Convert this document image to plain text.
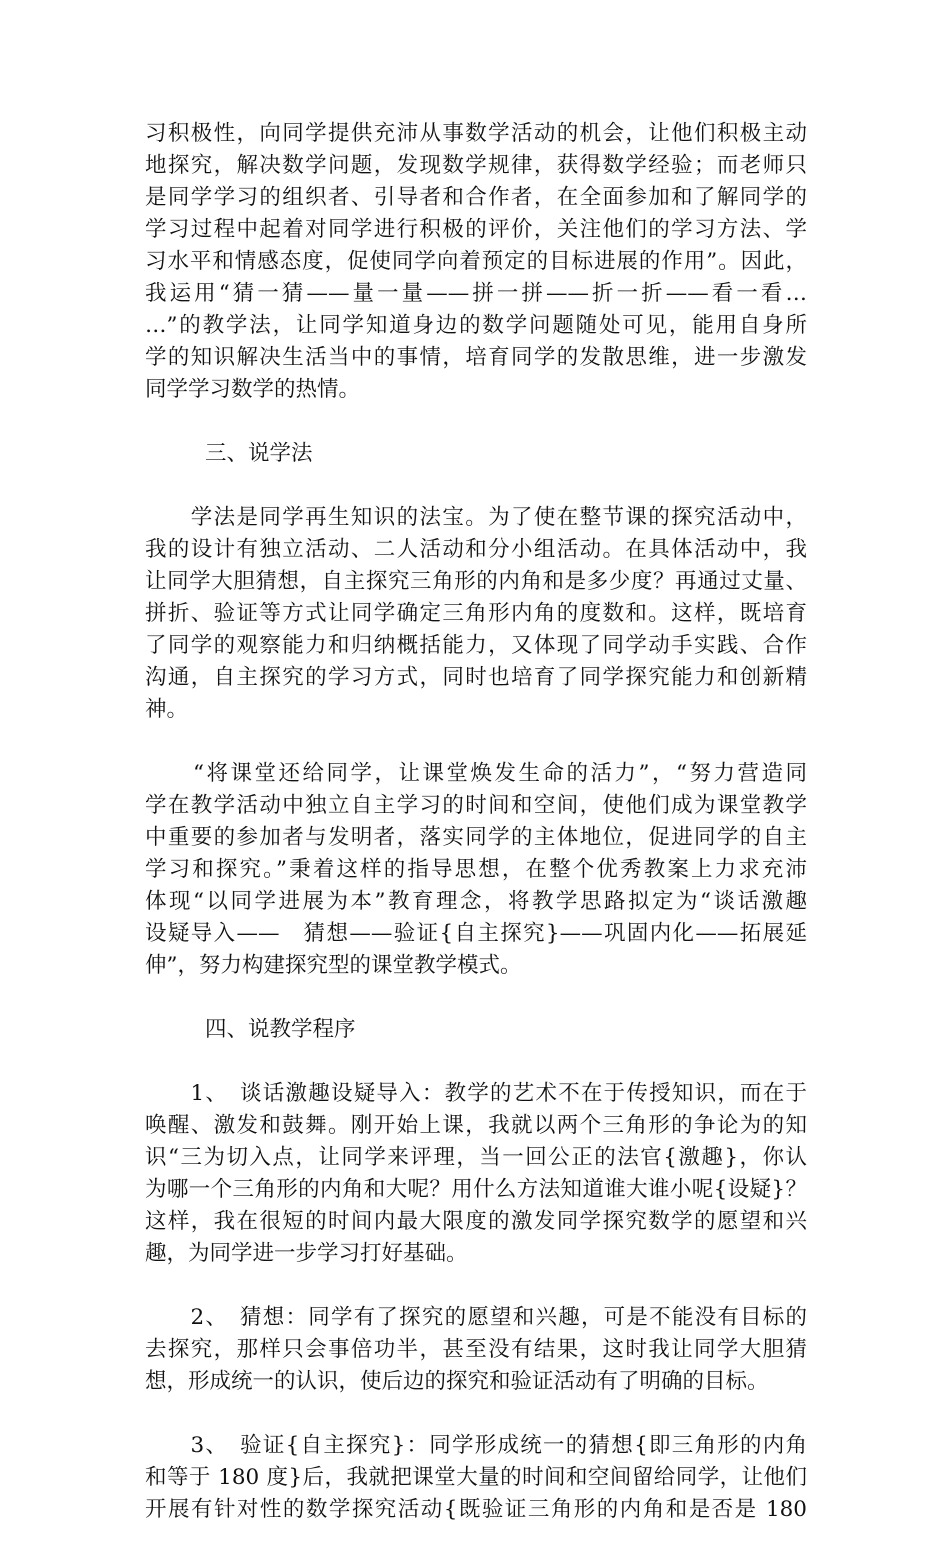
习积极性，向同学提供充沛从事数学活动的机会，让他们积极主动
地探究，解决数学问题，发现数学规律，获得数学经验；而老师只
是同学学习的组织者、引导者和合作者，在全面参加和了解同学的
学习过程中起着对同学进行积极的评价，关注他们的学习方法、学
习水平和情感态度，促使同学向着预定的目标进展的作用”。因此，
我运用“猜一猜——量一量——拼一拼——折一折——看一看…
…”的教学法，让同学知道身边的数学问题随处可见，能用自身所
学的知识解决生活当中的事情，培育同学的发散思维，进一步激发
同学学习数学的热情。
三、说学法
　　学法是同学再生知识的法宝。为了使在整节课的探究活动中，
我的设计有独立活动、二人活动和分小组活动。在具体活动中，我
让同学大胆猜想，自主探究三角形的内角和是多少度？再通过丈量、
拼折、验证等方式让同学确定三角形内角的度数和。这样，既培育
了同学的观察能力和归纳概括能力，又体现了同学动手实践、合作
沟通，自主探究的学习方式，同时也培育了同学探究能力和创新精
神。
　　“将课堂还给同学，让课堂焕发生命的活力”，“努力营造同
学在教学活动中独立自主学习的时间和空间，使他们成为课堂教学
中重要的参加者与发明者，落实同学的主体地位，促进同学的自主
学习和探究。”秉着这样的指导思想，在整个优秀教案上力求充沛
体现“以同学进展为本”教育理念，将教学思路拟定为“谈话激趣
设疑导入——　猜想——验证{自主探究}——巩固内化——拓展延
伸”，努力构建探究型的课堂教学模式。
四、说教学程序
　　1、　谈话激趣设疑导入：教学的艺术不在于传授知识，而在于
唤醒、激发和鼓舞。刚开始上课，我就以两个三角形的争论为的知
识“三为切入点，让同学来评理，当一回公正的法官{激趣}，你认
为哪一个三角形的内角和大呢？用什么方法知道谁大谁小呢{设疑}？
这样，我在很短的时间内最大限度的激发同学探究数学的愿望和兴
趣，为同学进一步学习打好基础。
　　2、　猜想：同学有了探究的愿望和兴趣，可是不能没有目标的
去探究，那样只会事倍功半，甚至没有结果，这时我让同学大胆猜
想，形成统一的认识，使后边的探究和验证活动有了明确的目标。
　　3、　验证{自主探究}：同学形成统一的猜想{即三角形的内角
和等于 180 度}后，我就把课堂大量的时间和空间留给同学，让他们
开展有针对性的数学探究活动{既验证三角形的内角和是否是 180
